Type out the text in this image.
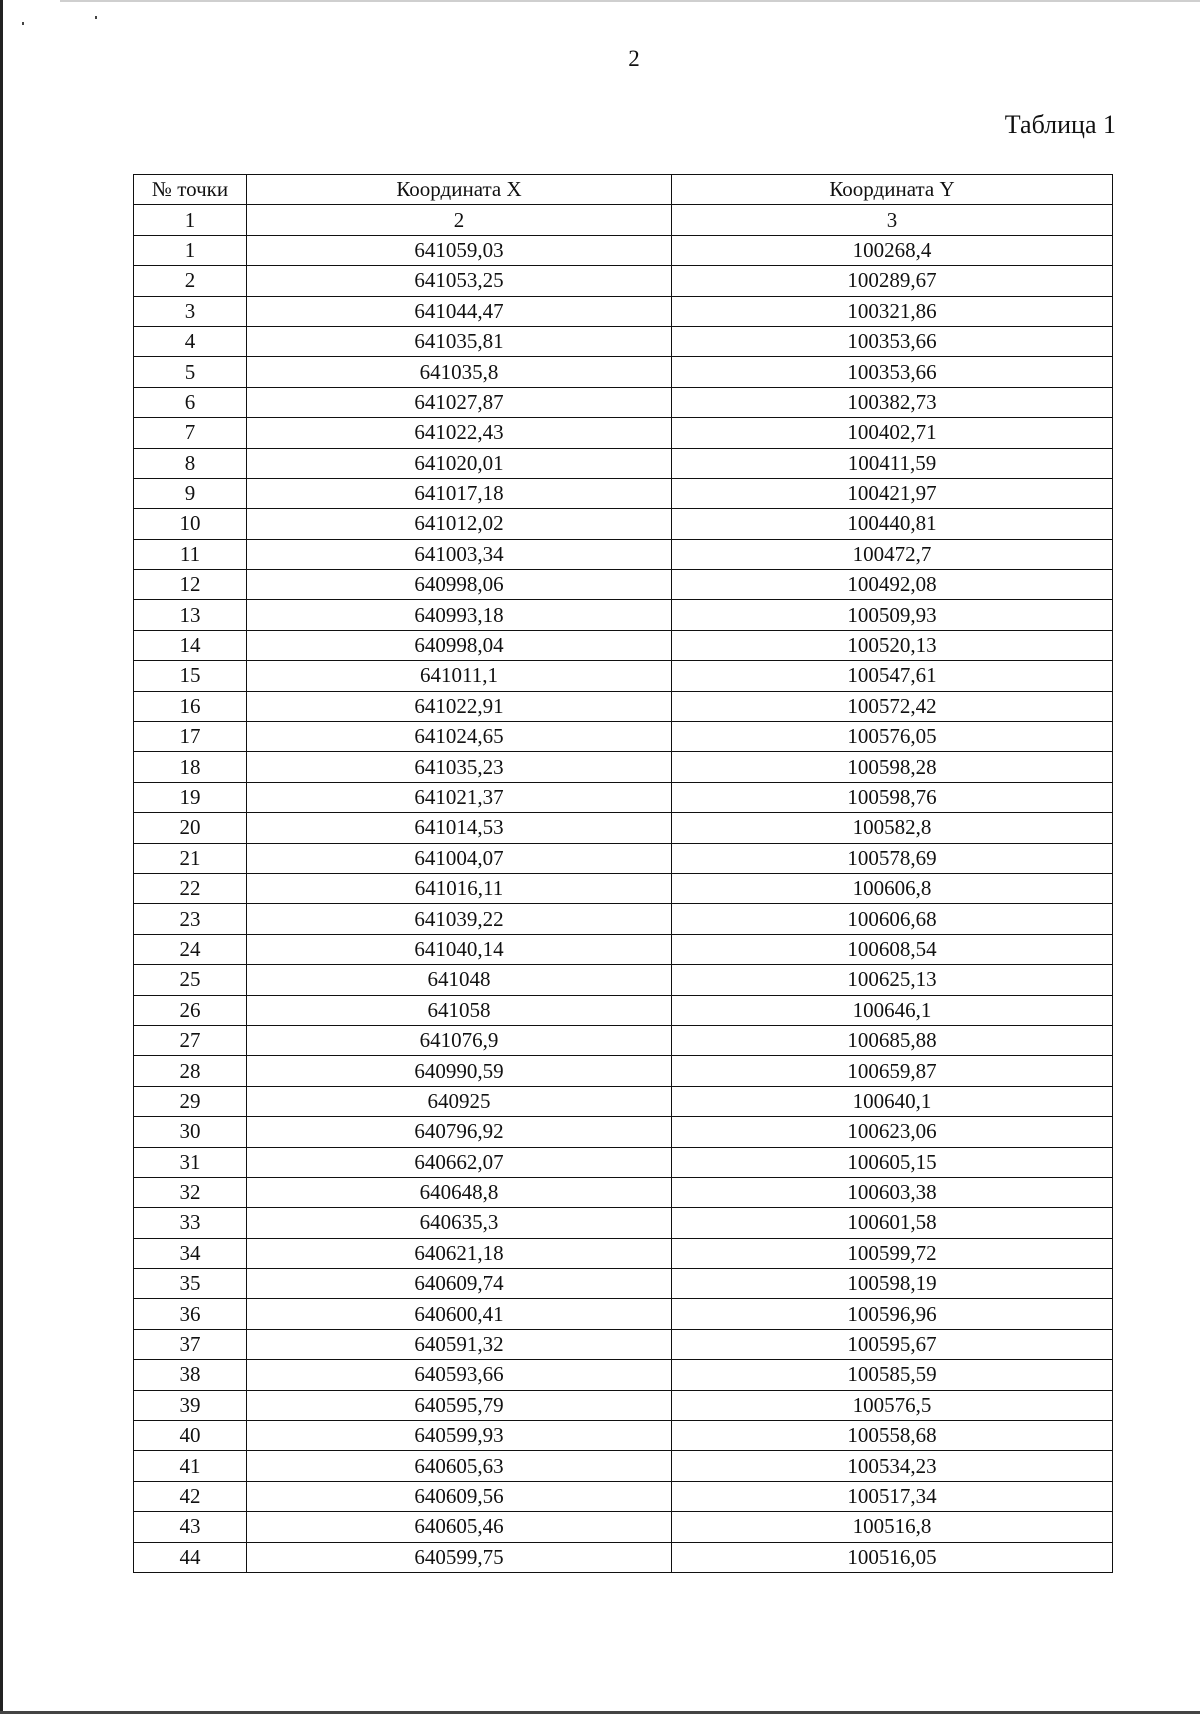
2
Таблица 1
№ точки	Координата X	Координата Y
1	2	3
1	641059,03	100268,4
2	641053,25	100289,67
3	641044,47	100321,86
4	641035,81	100353,66
5	641035,8	100353,66
6	641027,87	100382,73
7	641022,43	100402,71
8	641020,01	100411,59
9	641017,18	100421,97
10	641012,02	100440,81
11	641003,34	100472,7
12	640998,06	100492,08
13	640993,18	100509,93
14	640998,04	100520,13
15	641011,1	100547,61
16	641022,91	100572,42
17	641024,65	100576,05
18	641035,23	100598,28
19	641021,37	100598,76
20	641014,53	100582,8
21	641004,07	100578,69
22	641016,11	100606,8
23	641039,22	100606,68
24	641040,14	100608,54
25	641048	100625,13
26	641058	100646,1
27	641076,9	100685,88
28	640990,59	100659,87
29	640925	100640,1
30	640796,92	100623,06
31	640662,07	100605,15
32	640648,8	100603,38
33	640635,3	100601,58
34	640621,18	100599,72
35	640609,74	100598,19
36	640600,41	100596,96
37	640591,32	100595,67
38	640593,66	100585,59
39	640595,79	100576,5
40	640599,93	100558,68
41	640605,63	100534,23
42	640609,56	100517,34
43	640605,46	100516,8
44	640599,75	100516,05
